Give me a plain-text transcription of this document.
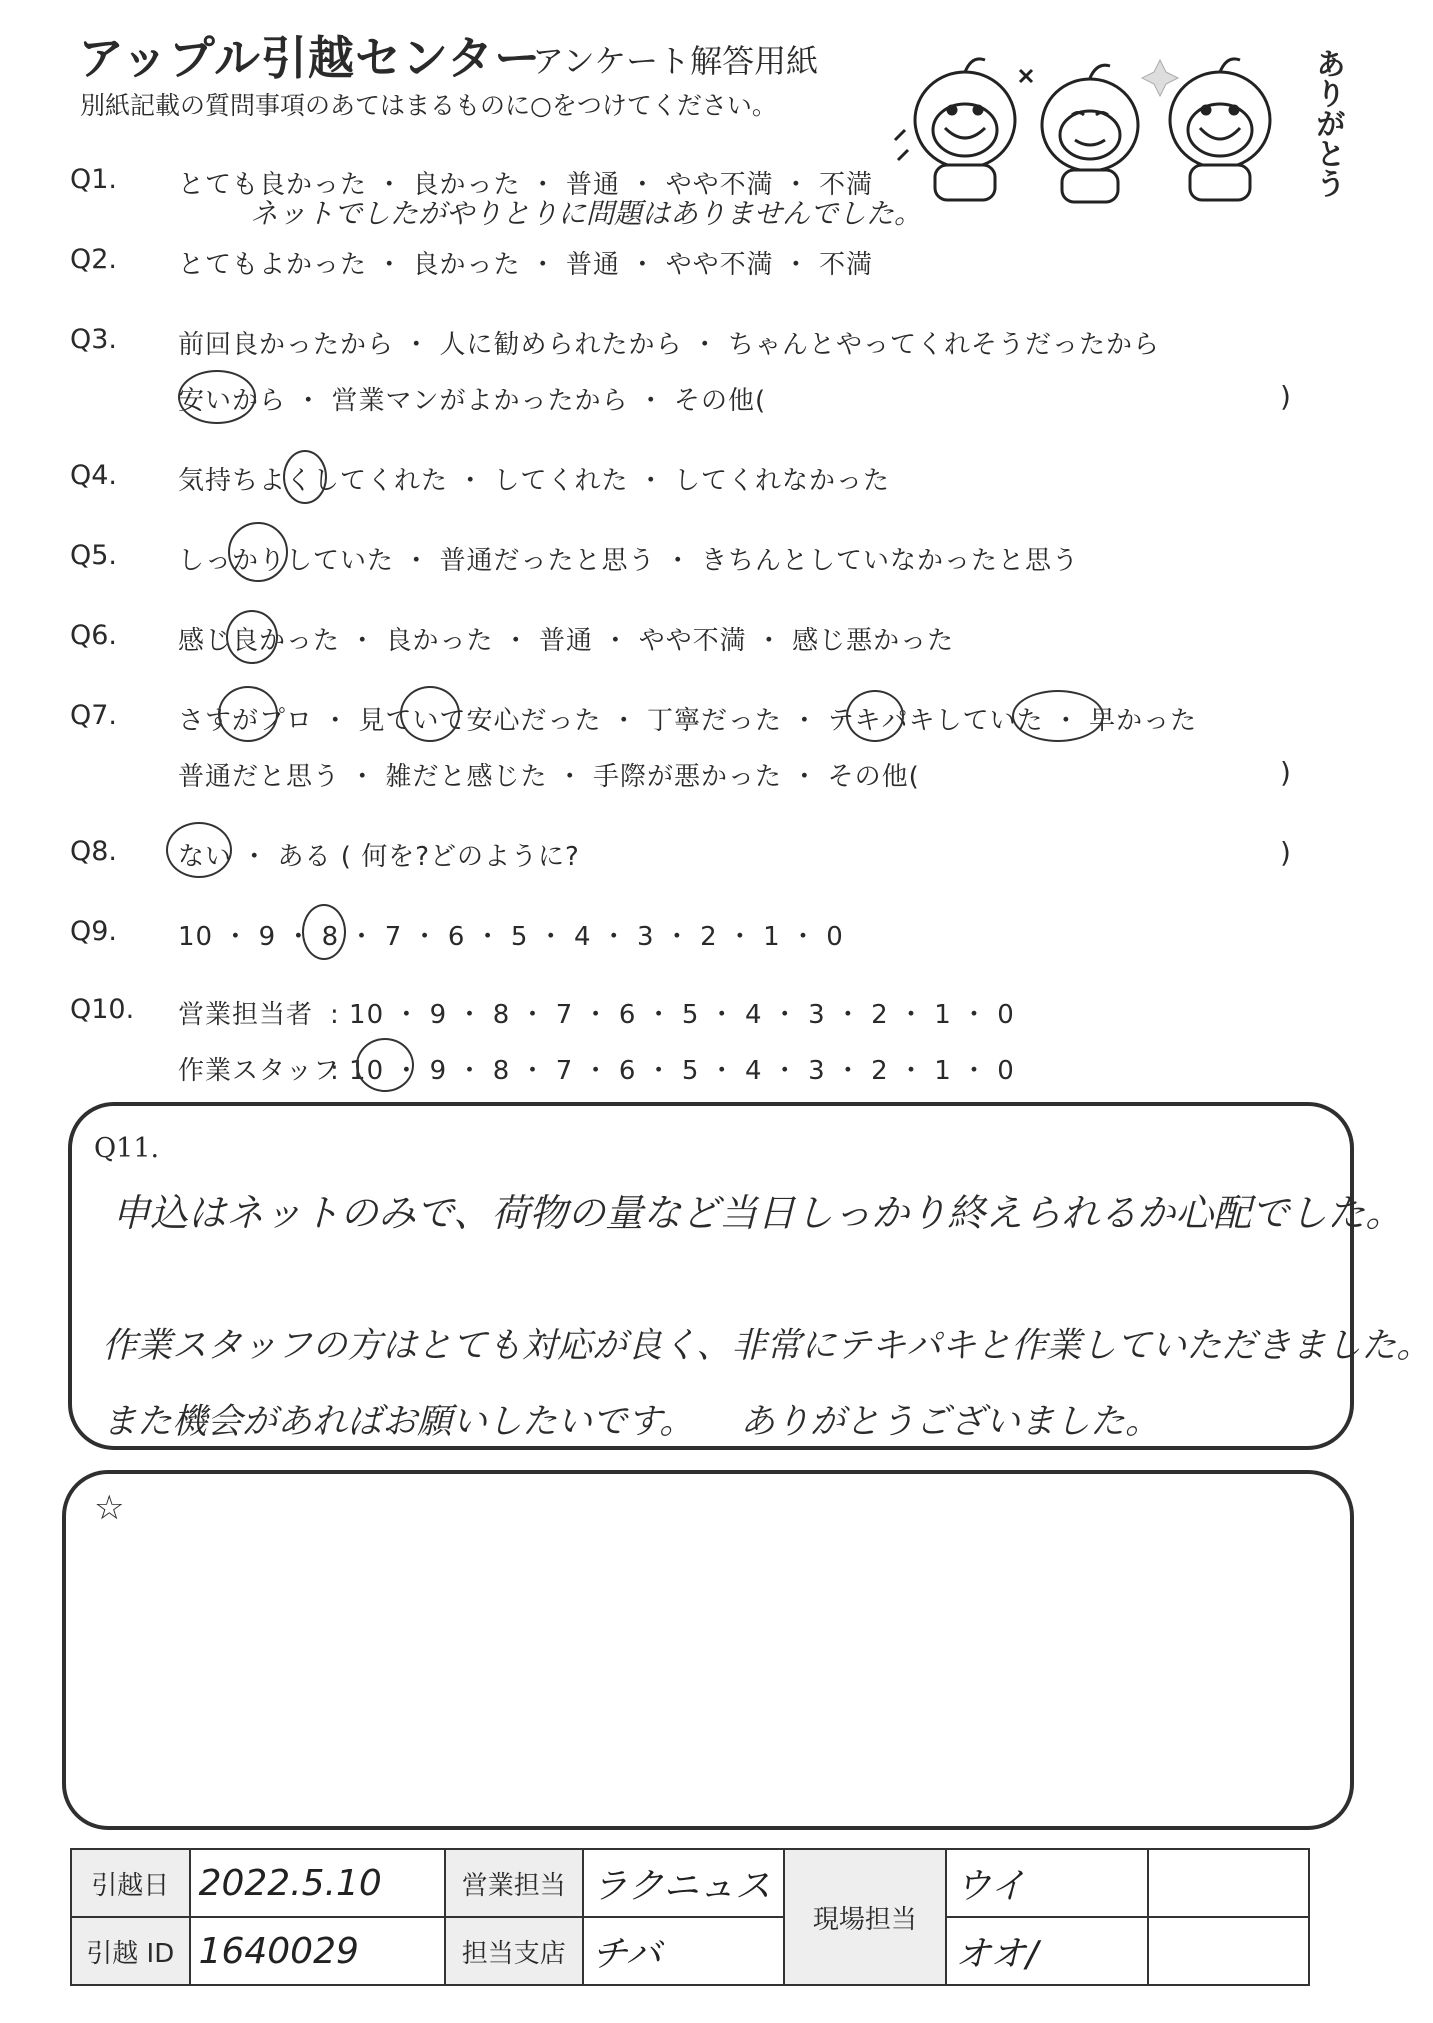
アップル引越センター
アンケート解答用紙
別紙記載の質問事項のあてはまるものに○をつけてください。	ありがとう
Q1. とても良かった ・ 良かった ・ 普通 ・ やや不満 ・ 不満
ネットでしたがやりとりに問題はありませんでした。
Q2. とてもよかった ・ 良かった ・ 普通 ・ やや不満 ・ 不満
Q3. 前回良かったから ・ 人に勧められたから ・ ちゃんとやってくれそうだったから
安いから ・ 営業マンがよかったから ・ その他(	)
Q4. 気持ちよくしてくれた ・ してくれた ・ してくれなかった
Q5. しっかりしていた ・ 普通だったと思う ・ きちんとしていなかったと思う
Q6. 感じ良かった ・ 良かった ・ 普通 ・ やや不満 ・ 感じ悪かった
Q7. さすがプロ ・ 見ていて安心だった ・ 丁寧だった ・ テキパキしていた ・ 早かった
普通だと思う ・ 雑だと感じた ・ 手際が悪かった ・ その他(	)
Q8. ない ・ ある ( 何を?どのように?	)
Q9. 10 ・ 9 ・ 8 ・ 7 ・ 6 ・ 5 ・ 4 ・ 3 ・ 2 ・ 1 ・ 0
Q10. 営業担当者 : 10 ・ 9 ・ 8 ・ 7 ・ 6 ・ 5 ・ 4 ・ 3 ・ 2 ・ 1 ・ 0
作業スタッフ
: 10 ・ 9 ・ 8 ・ 7 ・ 6 ・ 5 ・ 4 ・ 3 ・ 2 ・ 1 ・ 0
Q11.
申込はネットのみで、荷物の量など当日しっかり終えられるか心配でした。
作業スタッフの方はとても対応が良く、非常にテキパキと作業していただきました。
また機会があればお願いしたいです。 ありがとうございました。
☆
引越日	2022.5.10	営業担当	ラクニュス	現場担当	ウイ	
引越 ID	1640029	担当支店	チバ		オオ/	
